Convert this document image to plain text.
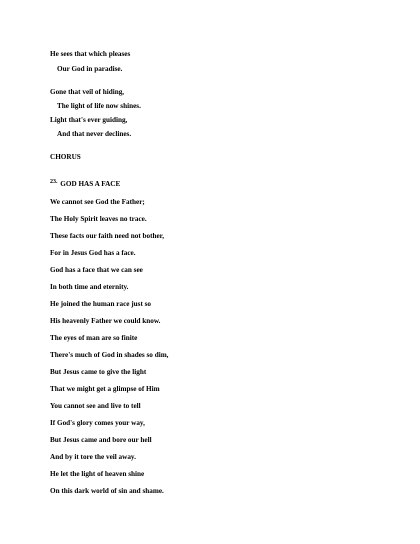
He sees that which pleases

Our God in paradise.

Gone that veil of hiding,

The light of life now shines.

Light that's ever guiding,

And that never declines.

CHORUS

$^{23.}$ GOD HAS A FACE

We cannot see God the Father;

The Holy Spirit leaves no trace.

These facts our faith need not bother,

For in Jesus God has a face.

God has a face that we can see

In both time and eternity.

He joined the human race just so

His heavenly Father we could know.

The eyes of man are so finite

There's much of God in shades so dim,

But Jesus came to give the light

That we might get a glimpse of Him

You cannot see and live to tell

If God's glory comes your way,

But Jesus came and bore our hell

And by it tore the veil away.

He let the light of heaven shine

On this dark world of sin and shame.
